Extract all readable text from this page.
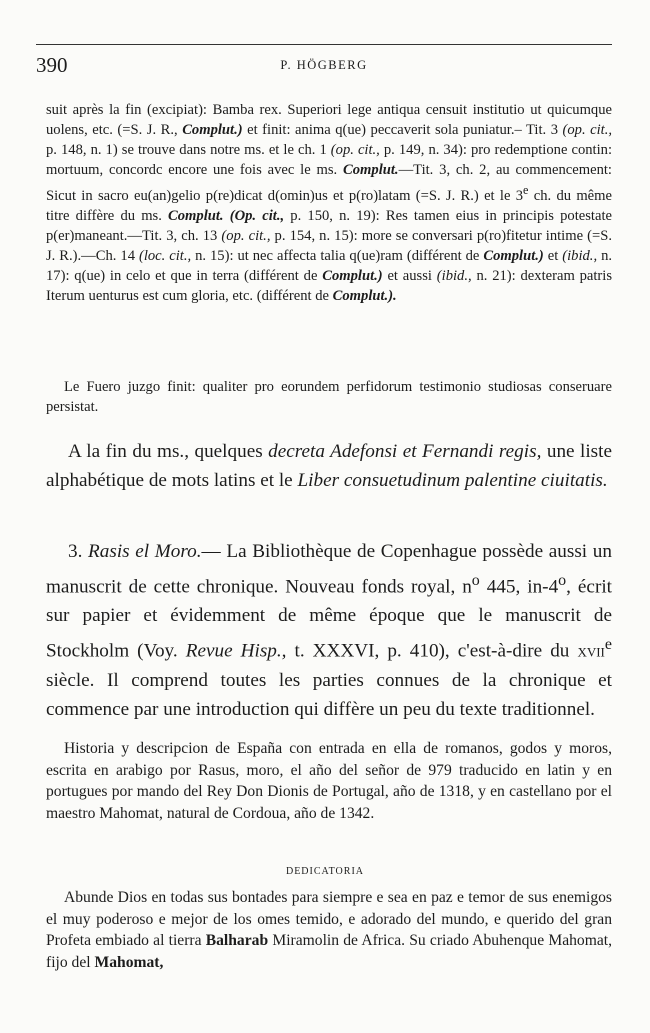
390	P. HÖGBERG
suit après la fin (excipiat): Bamba rex. Superiori lege antiqua censuit institutio ut quicumque uolens, etc. (=S. J. R., Complut.) et finit: anima q(ue) peccaverit sola puniatur.– Tit. 3 (op. cit., p. 148, n. 1) se trouve dans notre ms. et le ch. 1 (op. cit., p. 149, n. 34): pro redemptione contin: mortuum, concordc encore une fois avec le ms. Complut.—Tit. 3, ch. 2, au commencement: Sicut in sacro eu(an)gelio p(re)dicat d(omin)us et p(ro)latam (=S. J. R.) et le 3e ch. du même titre diffère du ms. Complut. (Op. cit., p. 150, n. 19): Res tamen eius in principis potestate p(er)maneant.—Tit. 3, ch. 13 (op. cit., p. 154, n. 15): more se conversari p(ro)fitetur intime (=S. J. R.).—Ch. 14 (loc. cit., n. 15): ut nec affecta talia q(ue)ram (différent de Complut.) et (ibid., n. 17): q(ue) in celo et que in terra (différent de Complut.) et aussi (ibid., n. 21): dexteram patris Iterum uenturus est cum gloria, etc. (différent de Complut.).
Le Fuero juzgo finit: qualiter pro eorundem perfidorum testimonio studiosas conseruare persistat.
A la fin du ms., quelques decreta Adefonsi et Fernandi regis, une liste alphabétique de mots latins et le Liber consuetudinum palentine ciuitatis.
3. Rasis el Moro.— La Bibliothèque de Copenhague possède aussi un manuscrit de cette chronique. Nouveau fonds royal, $n^o$ 445, in-4$^o$, écrit sur papier et évidemment de même époque que le manuscrit de Stockholm (Voy. Revue Hisp., t. XXXVI, p. 410), c'est-à-dire du xvii$^e$ siècle. Il comprend toutes les parties connues de la chronique et commence par une introduction qui diffère un peu du texte traditionnel.
Historia y descripcion de España con entrada en ella de romanos, godos y moros, escrita en arabigo por Rasus, moro, el año del señor de 979 traducido en latin y en portugues por mando del Rey Don Dionis de Portugal, año de 1318, y en castellano por el maestro Mahomat, natural de Cordoua, año de 1342.
DEDICATORIA
Abunde Dios en todas sus bontades para siempre e sea en paz e temor de sus enemigos el muy poderoso e mejor de los omes temido, e adorado del mundo, e querido del gran Profeta embiado al tierra Balharab Miramolin de Africa. Su criado Abuhenque Mahomat, fijo del Mahomat,
